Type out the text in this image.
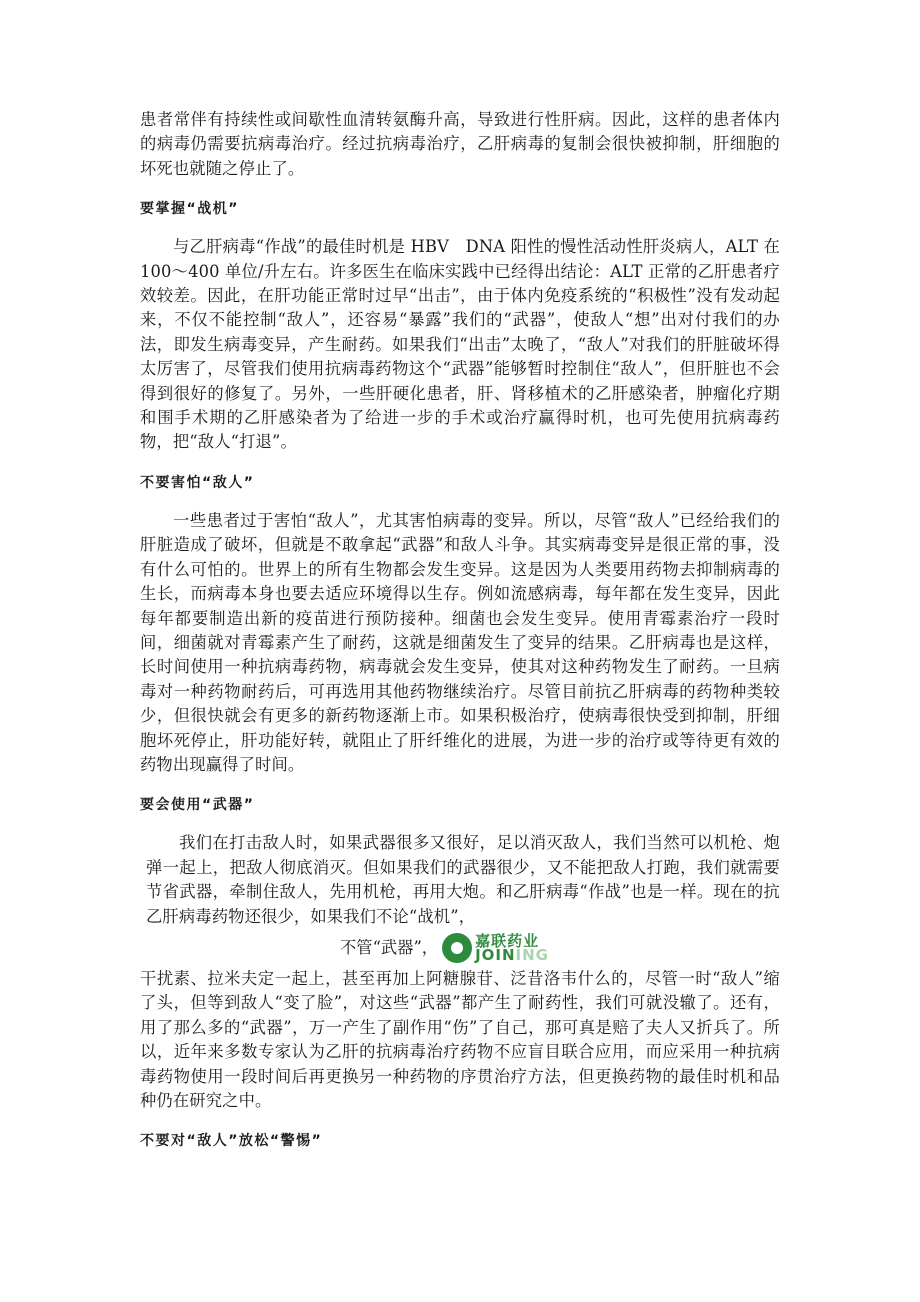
患者常伴有持续性或间歇性血清转氨酶升高，导致进行性肝病。因此，这样的患者体内的病毒仍需要抗病毒治疗。经过抗病毒治疗，乙肝病毒的复制会很快被抑制，肝细胞的坏死也就随之停止了。

要掌握“战机”

与乙肝病毒“作战”的最佳时机是 HBV　DNA 阳性的慢性活动性肝炎病人，ALT 在 100～400 单位/升左右。许多医生在临床实践中已经得出结论：ALT 正常的乙肝患者疗效较差。因此，在肝功能正常时过早“出击”，由于体内免疫系统的“积极性”没有发动起来，不仅不能控制“敌人”，还容易“暴露”我们的“武器”，使敌人“想”出对付我们的办法，即发生病毒变异，产生耐药。如果我们“出击”太晚了，“敌人”对我们的肝脏破坏得太厉害了，尽管我们使用抗病毒药物这个“武器”能够暂时控制住“敌人”，但肝脏也不会得到很好的修复了。另外，一些肝硬化患者，肝、肾移植术的乙肝感染者，肿瘤化疗期和围手术期的乙肝感染者为了给进一步的手术或治疗赢得时机，也可先使用抗病毒药物，把“敌人“打退”。

不要害怕“敌人”

一些患者过于害怕“敌人”，尤其害怕病毒的变异。所以，尽管“敌人”已经给我们的肝脏造成了破坏，但就是不敢拿起“武器”和敌人斗争。其实病毒变异是很正常的事，没有什么可怕的。世界上的所有生物都会发生变异。这是因为人类要用药物去抑制病毒的生长，而病毒本身也要去适应环境得以生存。例如流感病毒，每年都在发生变异，因此每年都要制造出新的疫苗进行预防接种。细菌也会发生变异。使用青霉素治疗一段时间，细菌就对青霉素产生了耐药，这就是细菌发生了变异的结果。乙肝病毒也是这样，长时间使用一种抗病毒药物，病毒就会发生变异，使其对这种药物发生了耐药。一旦病毒对一种药物耐药后，可再选用其他药物继续治疗。尽管目前抗乙肝病毒的药物种类较少，但很快就会有更多的新药物逐渐上市。如果积极治疗，使病毒很快受到抑制，肝细胞坏死停止，肝功能好转，就阻止了肝纤维化的进展，为进一步的治疗或等待更有效的药物出现赢得了时间。

要会使用“武器”

我们在打击敌人时，如果武器很多又很好，足以消灭敌人，我们当然可以机枪、炮弹一起上，把敌人彻底消灭。但如果我们的武器很少，又不能把敌人打跑，我们就需要节省武器，牵制住敌人，先用机枪，再用大炮。和乙肝病毒“作战”也是一样。现在的抗乙肝病毒药物还很少，如果我们不论“战机”，

不管“武器”， 嘉联药业
JOINING

干扰素、拉米夫定一起上，甚至再加上阿糖腺苷、泛昔洛韦什么的，尽管一时“敌人”缩了头，但等到敌人“变了脸”，对这些“武器”都产生了耐药性，我们可就没辙了。还有，用了那么多的“武器”，万一产生了副作用“伤”了自己，那可真是赔了夫人又折兵了。所以，近年来多数专家认为乙肝的抗病毒治疗药物不应盲目联合应用，而应采用一种抗病毒药物使用一段时间后再更换另一种药物的序贯治疗方法，但更换药物的最佳时机和品种仍在研究之中。

不要对“敌人”放松“警惕”
